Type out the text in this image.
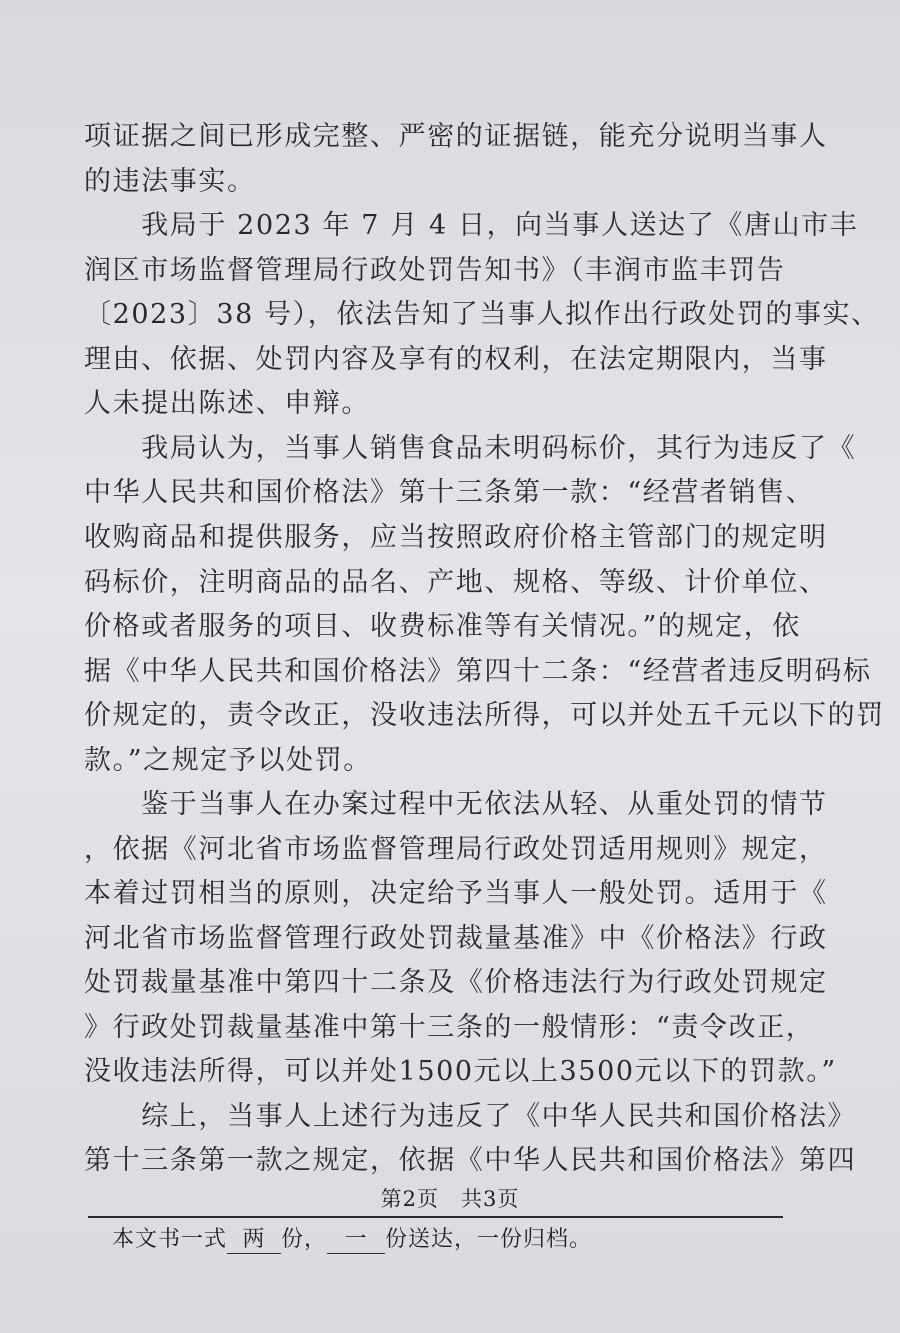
项证据之间已形成完整、严密的证据链，能充分说明当事人
的违法事实。
　　我局于 2023 年 7 月 4 日，向当事人送达了《唐山市丰
润区市场监督管理局行政处罚告知书》（丰润市监丰罚告
〔2023〕38 号），依法告知了当事人拟作出行政处罚的事实、
理由、依据、处罚内容及享有的权利，在法定期限内，当事
人未提出陈述、申辩。
　　我局认为，当事人销售食品未明码标价，其行为违反了《
中华人民共和国价格法》第十三条第一款：“经营者销售、
收购商品和提供服务，应当按照政府价格主管部门的规定明
码标价，注明商品的品名、产地、规格、等级、计价单位、
价格或者服务的项目、收费标准等有关情况。”的规定，依
据《中华人民共和国价格法》第四十二条：“经营者违反明码标
价规定的，责令改正，没收违法所得，可以并处五千元以下的罚
款。”之规定予以处罚。
　　鉴于当事人在办案过程中无依法从轻、从重处罚的情节
，依据《河北省市场监督管理局行政处罚适用规则》规定，
本着过罚相当的原则，决定给予当事人一般处罚。适用于《
河北省市场监督管理行政处罚裁量基准》中《价格法》行政
处罚裁量基准中第四十二条及《价格违法行为行政处罚规定
》行政处罚裁量基准中第十三条的一般情形：“责令改正，
没收违法所得，可以并处1500元以上3500元以下的罚款。”
　　综上，当事人上述行为违反了《中华人民共和国价格法》
第十三条第一款之规定，依据《中华人民共和国价格法》第四
第2页　共3页
本文书一式 两 份， 一 份送达，一份归档。
